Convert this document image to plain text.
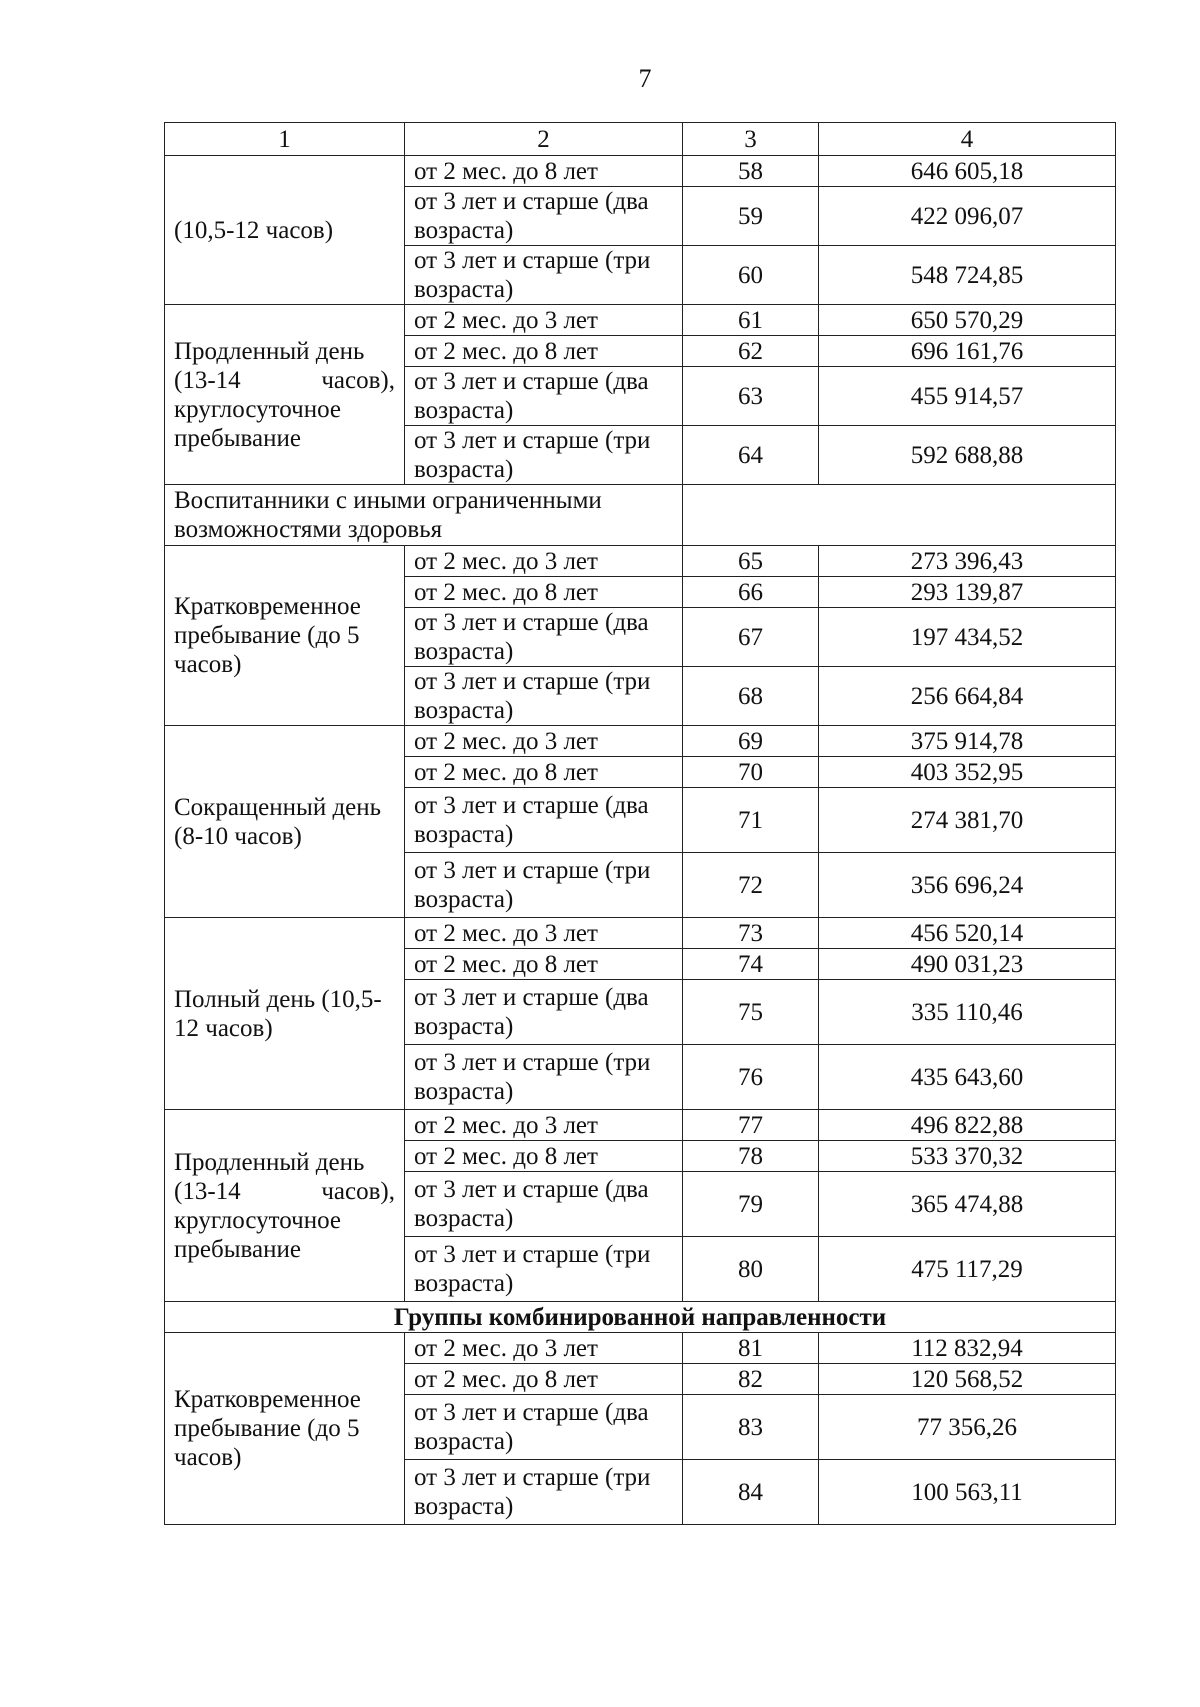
7
1	2	3	4
(10,5-12 часов)	от 2 мес. до 8 лет	58	646 605,18
	от 3 лет и старше (два возраста)	59	422 096,07
	от 3 лет и старше (три возраста)	60	548 724,85

Продленный день
(13-14 часов),
круглосуточное
пребывание	от 2 мес. до 3 лет	61	650 570,29
	от 2 мес. до 8 лет	62	696 161,76
	от 3 лет и старше (два возраста)	63	455 914,57
	от 3 лет и старше (три возраста)	64	592 688,88
Воспитанники с иными ограниченными возможностями здоровья			
Кратковременное пребывание (до 5 часов)	от 2 мес. до 3 лет	65	273 396,43
	от 2 мес. до 8 лет	66	293 139,87
	от 3 лет и старше (два возраста)	67	197 434,52
	от 3 лет и старше (три возраста)	68	256 664,84
Сокращенный день (8-10 часов)	от 2 мес. до 3 лет	69	375 914,78
	от 2 мес. до 8 лет	70	403 352,95
	от 3 лет и старше (два возраста)	71	274 381,70
	от 3 лет и старше (три возраста)	72	356 696,24
Полный день (10,5-12 часов)	от 2 мес. до 3 лет	73	456 520,14
	от 2 мес. до 8 лет	74	490 031,23
	от 3 лет и старше (два возраста)	75	335 110,46
	от 3 лет и старше (три возраста)	76	435 643,60

Продленный день
(13-14 часов),
круглосуточное
пребывание	от 2 мес. до 3 лет	77	496 822,88
	от 2 мес. до 8 лет	78	533 370,32
	от 3 лет и старше (два возраста)	79	365 474,88
	от 3 лет и старше (три возраста)	80	475 117,29
Группы комбинированной направленности			
Кратковременное пребывание (до 5 часов)	от 2 мес. до 3 лет	81	112 832,94
	от 2 мес. до 8 лет	82	120 568,52
	от 3 лет и старше (два возраста)	83	77 356,26
	от 3 лет и старше (три возраста)	84	100 563,11
